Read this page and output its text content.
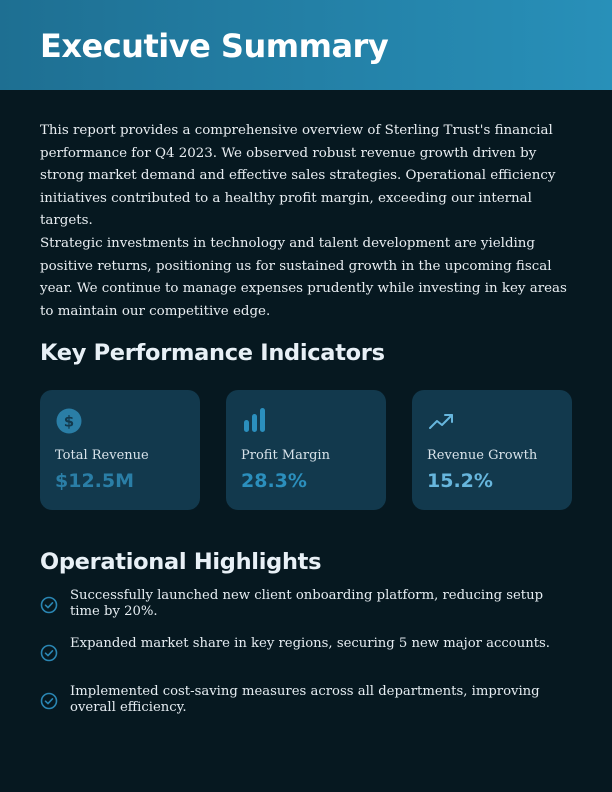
Executive Summary

This report provides a comprehensive overview of Sterling Trust's financial performance for Q4 2023. We observed robust revenue growth driven by strong market demand and effective sales strategies. Operational efficiency initiatives contributed to a healthy profit margin, exceeding our internal targets.

Strategic investments in technology and talent development are yielding positive returns, positioning us for sustained growth in the upcoming fiscal year. We continue to manage expenses prudently while investing in key areas to maintain our competitive edge.

Key Performance Indicators
$
Total Revenue
$12.5M
Profit Margin
28.3%
Revenue Growth
15.2%
Operational Highlights
Successfully launched new client onboarding platform, reducing setup time by 20%.
Expanded market share in key regions, securing 5 new major accounts.
Implemented cost-saving measures across all departments, improving overall efficiency.
